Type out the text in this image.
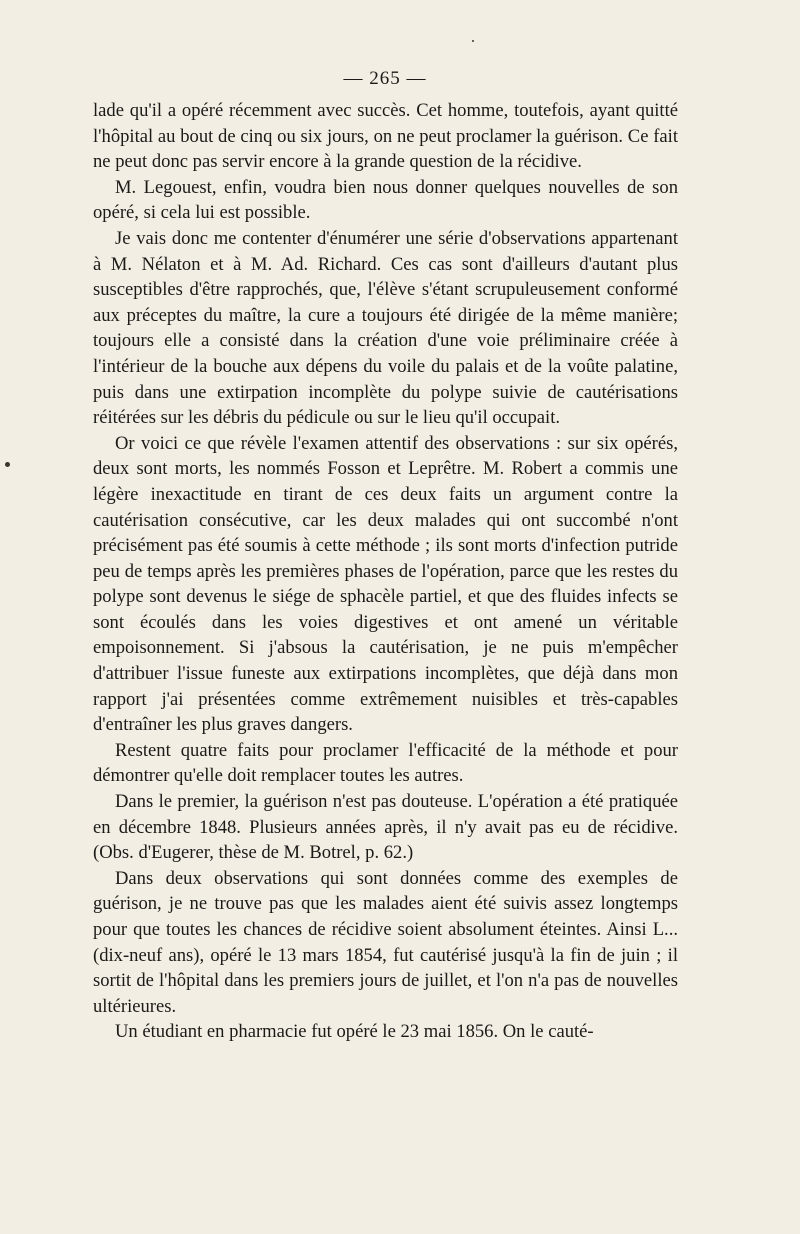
— 265 —

lade qu'il a opéré récemment avec succès. Cet homme, toutefois, ayant quitté l'hôpital au bout de cinq ou six jours, on ne peut proclamer la guérison. Ce fait ne peut donc pas servir encore à la grande question de la récidive.

M. Legouest, enfin, voudra bien nous donner quelques nouvelles de son opéré, si cela lui est possible.

Je vais donc me contenter d'énumérer une série d'observations appartenant à M. Nélaton et à M. Ad. Richard. Ces cas sont d'ailleurs d'autant plus susceptibles d'être rapprochés, que, l'élève s'étant scrupuleusement conformé aux préceptes du maître, la cure a toujours été dirigée de la même manière; toujours elle a consisté dans la création d'une voie préliminaire créée à l'intérieur de la bouche aux dépens du voile du palais et de la voûte palatine, puis dans une extirpation incomplète du polype suivie de cautérisations réitérées sur les débris du pédicule ou sur le lieu qu'il occupait.

Or voici ce que révèle l'examen attentif des observations : sur six opérés, deux sont morts, les nommés Fosson et Leprêtre. M. Robert a commis une légère inexactitude en tirant de ces deux faits un argument contre la cautérisation consécutive, car les deux malades qui ont succombé n'ont précisément pas été soumis à cette méthode ; ils sont morts d'infection putride peu de temps après les premières phases de l'opération, parce que les restes du polype sont devenus le siége de sphacèle partiel, et que des fluides infects se sont écoulés dans les voies digestives et ont amené un véritable empoisonnement. Si j'absous la cautérisation, je ne puis m'empêcher d'attribuer l'issue funeste aux extirpations incomplètes, que déjà dans mon rapport j'ai présentées comme extrêmement nuisibles et très-capables d'entraîner les plus graves dangers.

Restent quatre faits pour proclamer l'efficacité de la méthode et pour démontrer qu'elle doit remplacer toutes les autres.

Dans le premier, la guérison n'est pas douteuse. L'opération a été pratiquée en décembre 1848. Plusieurs années après, il n'y avait pas eu de récidive. (Obs. d'Eugerer, thèse de M. Botrel, p. 62.)

Dans deux observations qui sont données comme des exemples de guérison, je ne trouve pas que les malades aient été suivis assez longtemps pour que toutes les chances de récidive soient absolument éteintes. Ainsi L... (dix-neuf ans), opéré le 13 mars 1854, fut cautérisé jusqu'à la fin de juin ; il sortit de l'hôpital dans les premiers jours de juillet, et l'on n'a pas de nouvelles ultérieures.

Un étudiant en pharmacie fut opéré le 23 mai 1856. On le cauté-
